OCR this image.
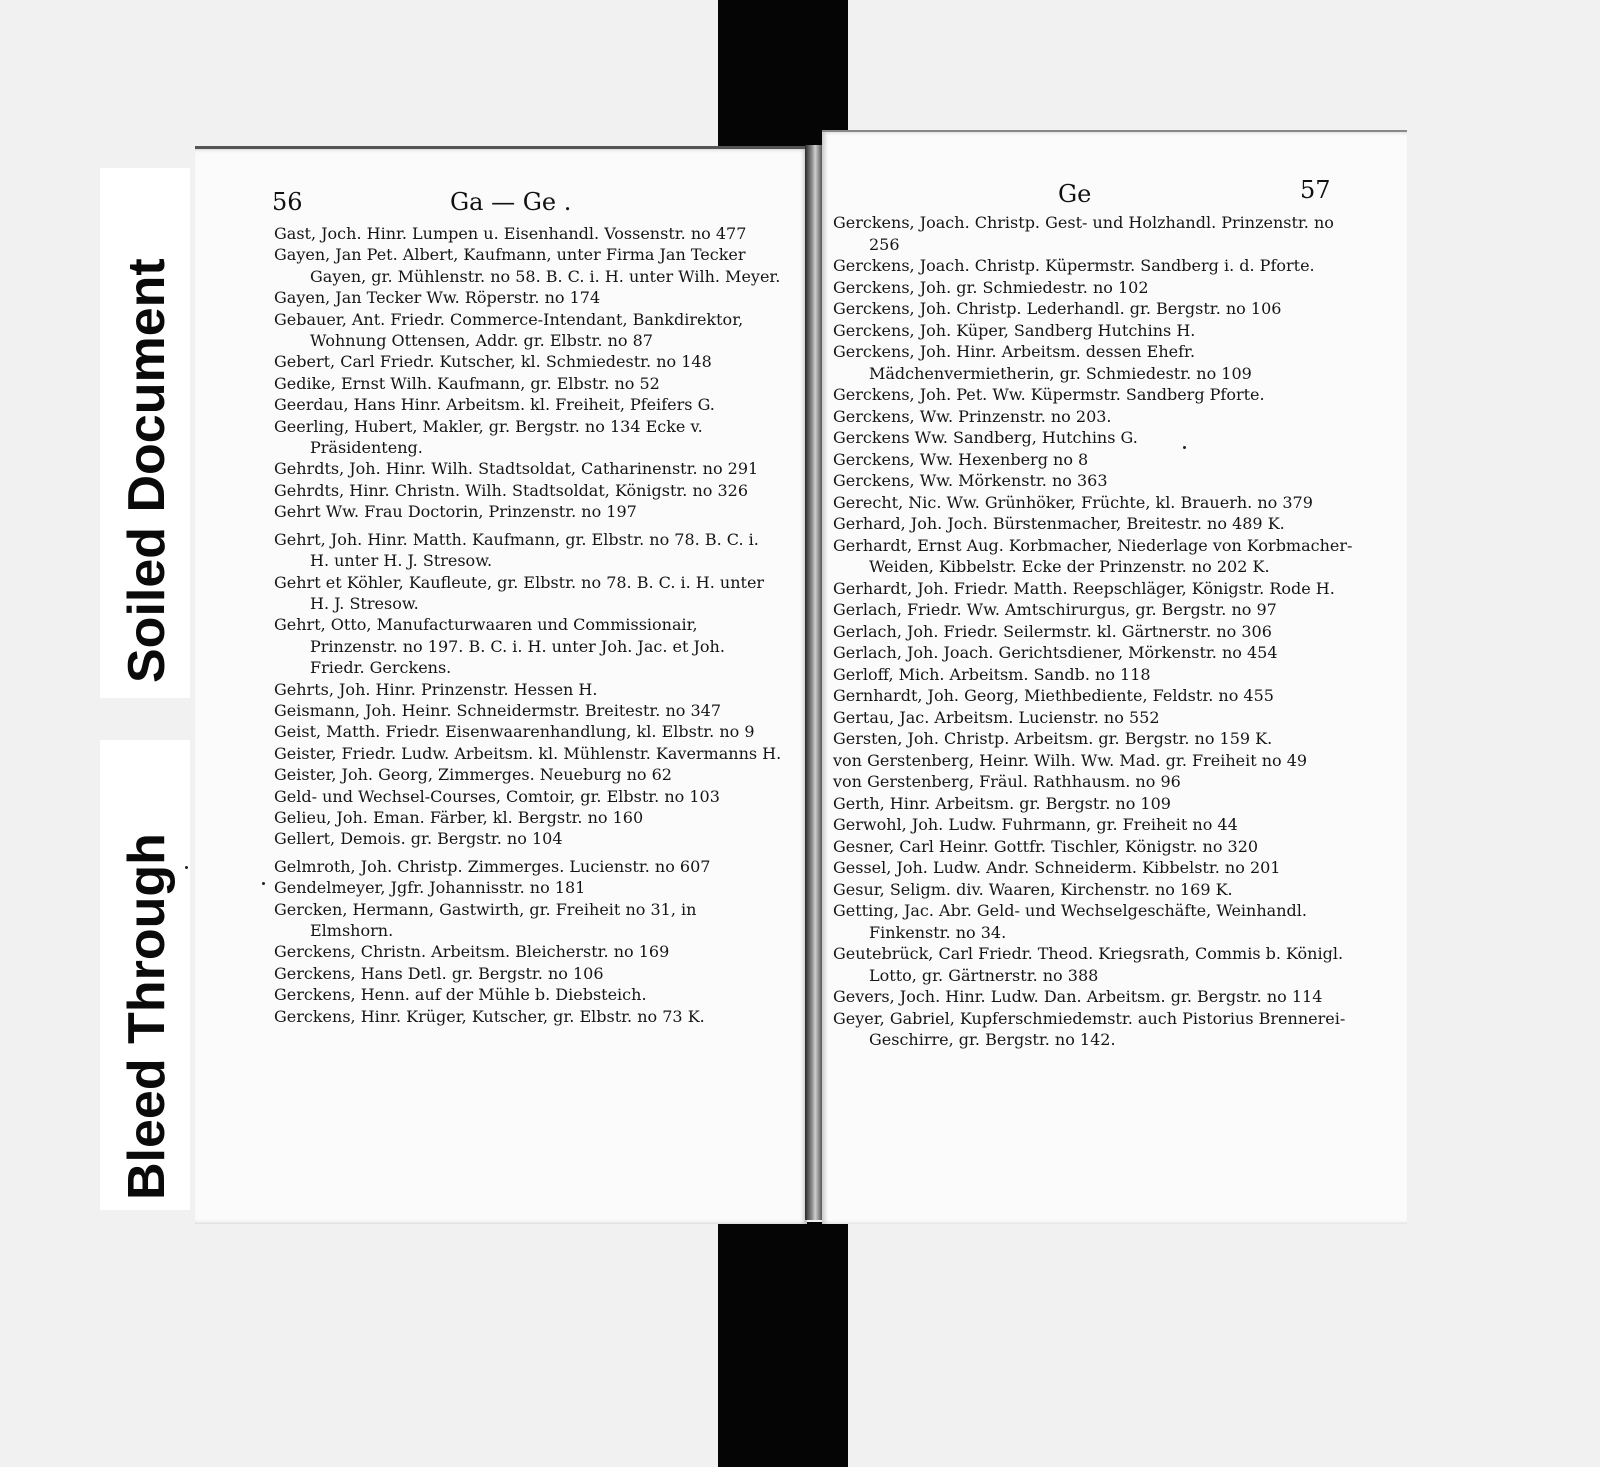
Soiled Document
Bleed Through
56	Ga — Ge .	Ge	57
Gast, Joch. Hinr. Lumpen u. Eisenhandl. Vossenstr. no 477
Gayen, Jan Pet. Albert, Kaufmann, unter Firma Jan Tecker Gayen, gr. Mühlenstr. no 58. B. C. i. H. unter Wilh. Meyer.
Gayen, Jan Tecker Ww. Röperstr. no 174
Gebauer, Ant. Friedr. Commerce-Intendant, Bankdirektor, Wohnung Ottensen, Addr. gr. Elbstr. no 87
Gebert, Carl Friedr. Kutscher, kl. Schmiedestr. no 148
Gedike, Ernst Wilh. Kaufmann, gr. Elbstr. no 52
Geerdau, Hans Hinr. Arbeitsm. kl. Freiheit, Pfeifers G.
Geerling, Hubert, Makler, gr. Bergstr. no 134 Ecke v. Präsidenteng.
Gehrdts, Joh. Hinr. Wilh. Stadtsoldat, Catharinenstr. no 291
Gehrdts, Hinr. Christn. Wilh. Stadtsoldat, Königstr. no 326
Gehrt Ww. Frau Doctorin, Prinzenstr. no 197
Gehrt, Joh. Hinr. Matth. Kaufmann, gr. Elbstr. no 78. B. C. i. H. unter H. J. Stresow.
Gehrt et Köhler, Kaufleute, gr. Elbstr. no 78. B. C. i. H. unter H. J. Stresow.
Gehrt, Otto, Manufacturwaaren und Commissionair, Prinzenstr. no 197. B. C. i. H. unter Joh. Jac. et Joh. Friedr. Gerckens.
Gehrts, Joh. Hinr. Prinzenstr. Hessen H.
Geismann, Joh. Heinr. Schneidermstr. Breitestr. no 347
Geist, Matth. Friedr. Eisenwaarenhandlung, kl. Elbstr. no 9
Geister, Friedr. Ludw. Arbeitsm. kl. Mühlenstr. Kavermanns H.
Geister, Joh. Georg, Zimmerges. Neueburg no 62
Geld- und Wechsel-Courses, Comtoir, gr. Elbstr. no 103
Gelieu, Joh. Eman. Färber, kl. Bergstr. no 160
Gellert, Demois. gr. Bergstr. no 104
Gelmroth, Joh. Christp. Zimmerges. Lucienstr. no 607
Gendelmeyer, Jgfr. Johannisstr. no 181
Gercken, Hermann, Gastwirth, gr. Freiheit no 31, in Elmshorn.
Gerckens, Christn. Arbeitsm. Bleicherstr. no 169
Gerckens, Hans Detl. gr. Bergstr. no 106
Gerckens, Henn. auf der Mühle b. Diebsteich.
Gerckens, Hinr. Krüger, Kutscher, gr. Elbstr. no 73 K.
Gerckens, Joach. Christp. Gest- und Holzhandl. Prinzenstr. no 256
Gerckens, Joach. Christp. Küpermstr. Sandberg i. d. Pforte.
Gerckens, Joh. gr. Schmiedestr. no 102
Gerckens, Joh. Christp. Lederhandl. gr. Bergstr. no 106
Gerckens, Joh. Küper, Sandberg Hutchins H.
Gerckens, Joh. Hinr. Arbeitsm. dessen Ehefr. Mädchenvermietherin, gr. Schmiedestr. no 109
Gerckens, Joh. Pet. Ww. Küpermstr. Sandberg Pforte.
Gerckens, Ww. Prinzenstr. no 203.
Gerckens Ww. Sandberg, Hutchins G.
Gerckens, Ww. Hexenberg no 8
Gerckens, Ww. Mörkenstr. no 363
Gerecht, Nic. Ww. Grünhöker, Früchte, kl. Brauerh. no 379
Gerhard, Joh. Joch. Bürstenmacher, Breitestr. no 489 K.
Gerhardt, Ernst Aug. Korbmacher, Niederlage von Korbmacher-Weiden, Kibbelstr. Ecke der Prinzenstr. no 202 K.
Gerhardt, Joh. Friedr. Matth. Reepschläger, Königstr. Rode H.
Gerlach, Friedr. Ww. Amtschirurgus, gr. Bergstr. no 97
Gerlach, Joh. Friedr. Seilermstr. kl. Gärtnerstr. no 306
Gerlach, Joh. Joach. Gerichtsdiener, Mörkenstr. no 454
Gerloff, Mich. Arbeitsm. Sandb. no 118
Gernhardt, Joh. Georg, Miethbediente, Feldstr. no 455
Gertau, Jac. Arbeitsm. Lucienstr. no 552
Gersten, Joh. Christp. Arbeitsm. gr. Bergstr. no 159 K.
von Gerstenberg, Heinr. Wilh. Ww. Mad. gr. Freiheit no 49
von Gerstenberg, Fräul. Rathhausm. no 96
Gerth, Hinr. Arbeitsm. gr. Bergstr. no 109
Gerwohl, Joh. Ludw. Fuhrmann, gr. Freiheit no 44
Gesner, Carl Heinr. Gottfr. Tischler, Königstr. no 320
Gessel, Joh. Ludw. Andr. Schneiderm. Kibbelstr. no 201
Gesur, Seligm. div. Waaren, Kirchenstr. no 169 K.
Getting, Jac. Abr. Geld- und Wechselgeschäfte, Weinhandl. Finkenstr. no 34.
Geutebrück, Carl Friedr. Theod. Kriegsrath, Commis b. Königl. Lotto, gr. Gärtnerstr. no 388
Gevers, Joch. Hinr. Ludw. Dan. Arbeitsm. gr. Bergstr. no 114
Geyer, Gabriel, Kupferschmiedemstr. auch Pistorius Brennerei-Geschirre, gr. Bergstr. no 142.
